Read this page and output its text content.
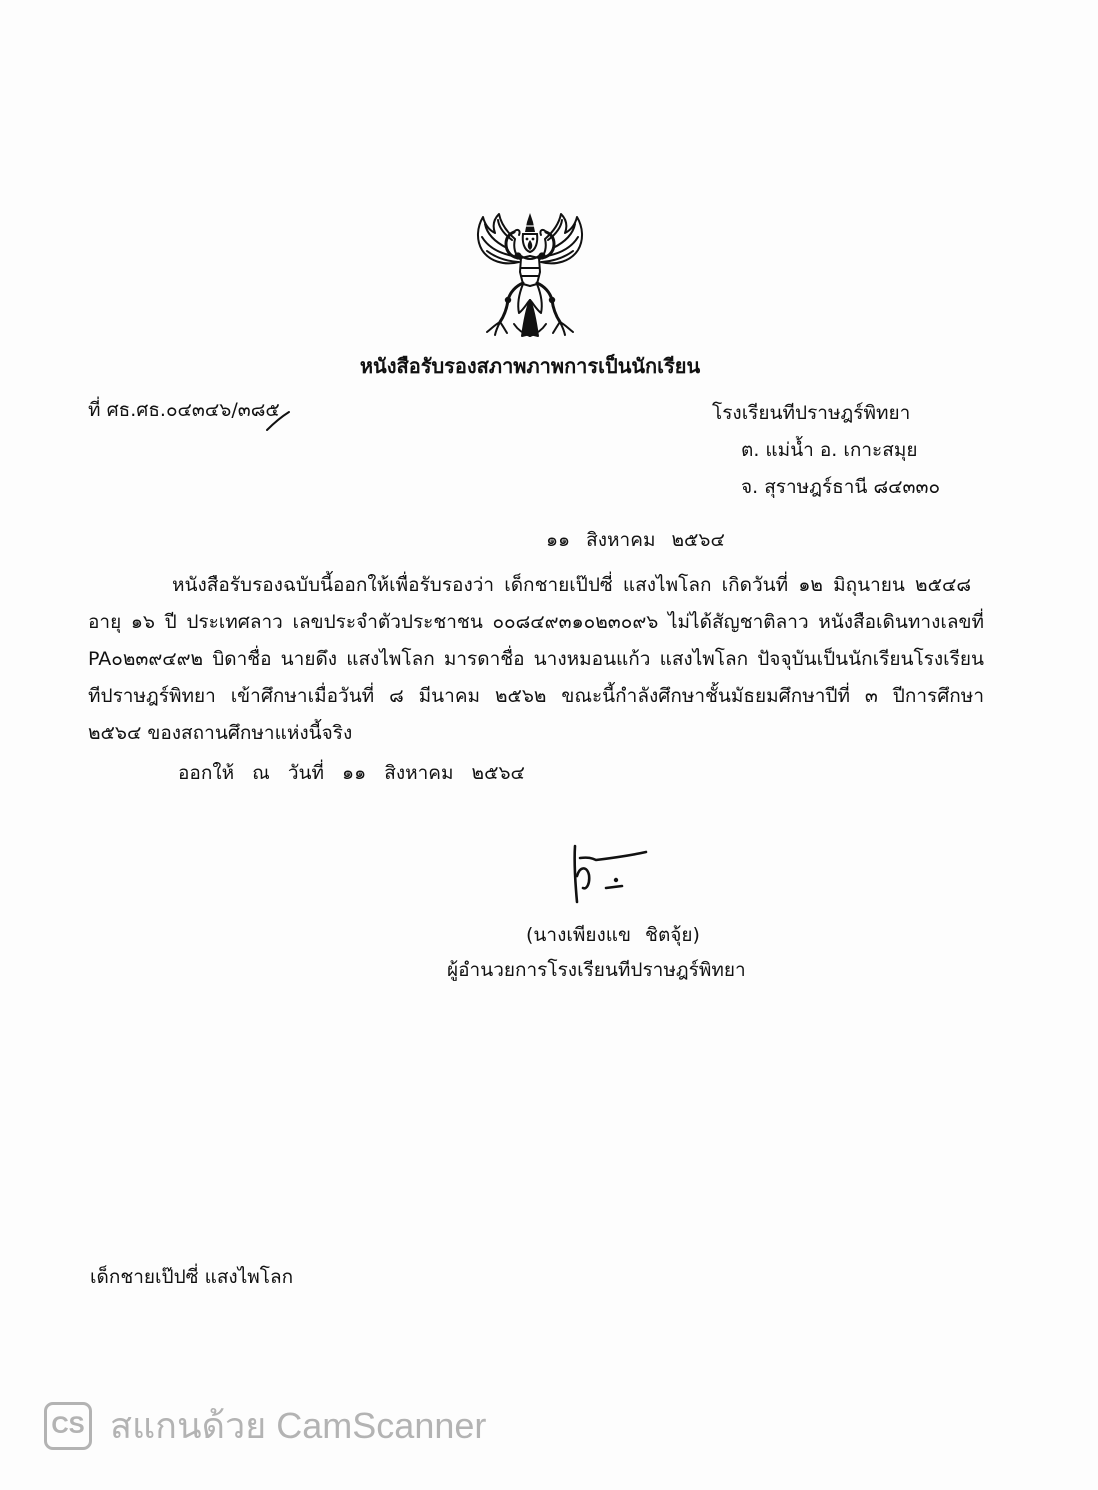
หนังสือรับรองสภาพภาพการเป็นนักเรียน
ที่ ศธ.ศธ.๐๔๓๔๖/๓๘๕	โรงเรียนทีปราษฎร์พิทยา
ต. แม่น้ำ อ. เกาะสมุย
จ. สุราษฎร์ธานี ๘๔๓๓๐
๑๑ สิงหาคม ๒๕๖๔
หนังสือรับรองฉบับนี้ออกให้เพื่อรับรองว่า เด็กชายเป๊ปซี่ แสงไพโลก เกิดวันที่ ๑๒ มิถุนายน ๒๕๔๘
อายุ ๑๖ ปี ประเทศลาว เลขประจำตัวประชาชน ๐๐๘๔๙๓๑๐๒๓๐๙๖ ไม่ได้สัญชาติลาว หนังสือเดินทางเลขที่
PA๐๒๓๙๔๙๒ บิดาชื่อ นายดึง แสงไพโลก มารดาชื่อ นางหมอนแก้ว แสงไพโลก ปัจจุบันเป็นนักเรียนโรงเรียน
ทีปราษฎร์พิทยา เข้าศึกษาเมื่อวันที่ ๘ มีนาคม ๒๕๖๒ ขณะนี้กำลังศึกษาชั้นมัธยมศึกษาปีที่ ๓ ปีการศึกษา
๒๕๖๔ ของสถานศึกษาแห่งนี้จริง
ออกให้ ณ วันที่ ๑๑ สิงหาคม ๒๕๖๔
(นางเพียงแข ชิตจุ้ย)
ผู้อำนวยการโรงเรียนทีปราษฎร์พิทยา
เด็กชายเป๊ปซี่ แสงไพโลก
CS สแกนด้วย CamScanner
